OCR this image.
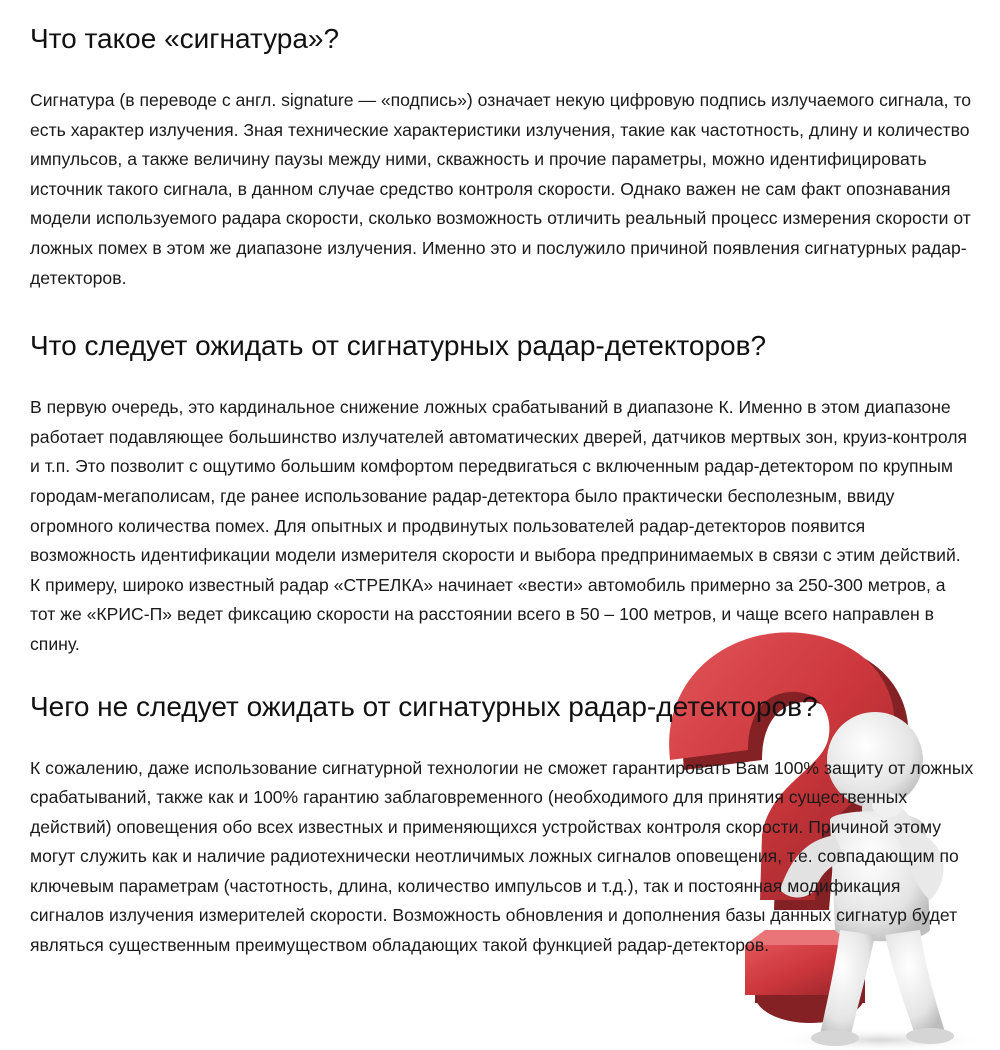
Что такое «сигнатура»?

Сигнатура (в переводе с англ. signature — «подпись») означает некую цифровую подпись излучаемого сигнала, то есть характер излучения. Зная технические характеристики излучения, такие как частотность, длину и количество импульсов, а также величину паузы между ними, скважность и прочие параметры, можно идентифицировать источник такого сигнала, в данном случае средство контроля скорости. Однако важен не сам факт опознавания модели используемого радара скорости, сколько возможность отличить реальный процесс измерения скорости от ложных помех в этом же диапазоне излучения. Именно это и послужило причиной появления сигнатурных радар-детекторов.

Что следует ожидать от сигнатурных радар-детекторов?

В первую очередь, это кардинальное снижение ложных срабатываний в диапазоне К. Именно в этом диапазоне работает подавляющее большинство излучателей автоматических дверей, датчиков мертвых зон, круиз-контроля и т.п. Это позволит с ощутимо большим комфортом передвигаться с включенным радар-детектором по крупным городам-мегаполисам, где ранее использование радар-детектора было практически бесполезным, ввиду огромного количества помех. Для опытных и продвинутых пользователей радар-детекторов появится возможность идентификации модели измерителя скорости и выбора предпринимаемых в связи с этим действий. К примеру, широко известный радар «СТРЕЛКА» начинает «вести» автомобиль примерно за 250-300 метров, а тот же «КРИС-П» ведет фиксацию скорости на расстоянии всего в 50 – 100 метров, и чаще всего направлен в спину.

Чего не следует ожидать от сигнатурных радар-детекторов?

К сожалению, даже использование сигнатурной технологии не сможет гарантировать Вам 100% защиту от ложных срабатываний, также как и 100% гарантию заблаговременного (необходимого для принятия существенных действий) оповещения обо всех известных и применяющихся устройствах контроля скорости. Причиной этому могут служить как и наличие радиотехнически неотличимых ложных сигналов оповещения, т.е. совпадающим по ключевым параметрам (частотность, длина, количество импульсов и т.д.), так и постоянная модификация сигналов излучения измерителей скорости. Возможность обновления и дополнения базы данных сигнатур будет являться существенным преимуществом обладающих такой функцией радар-детекторов.
